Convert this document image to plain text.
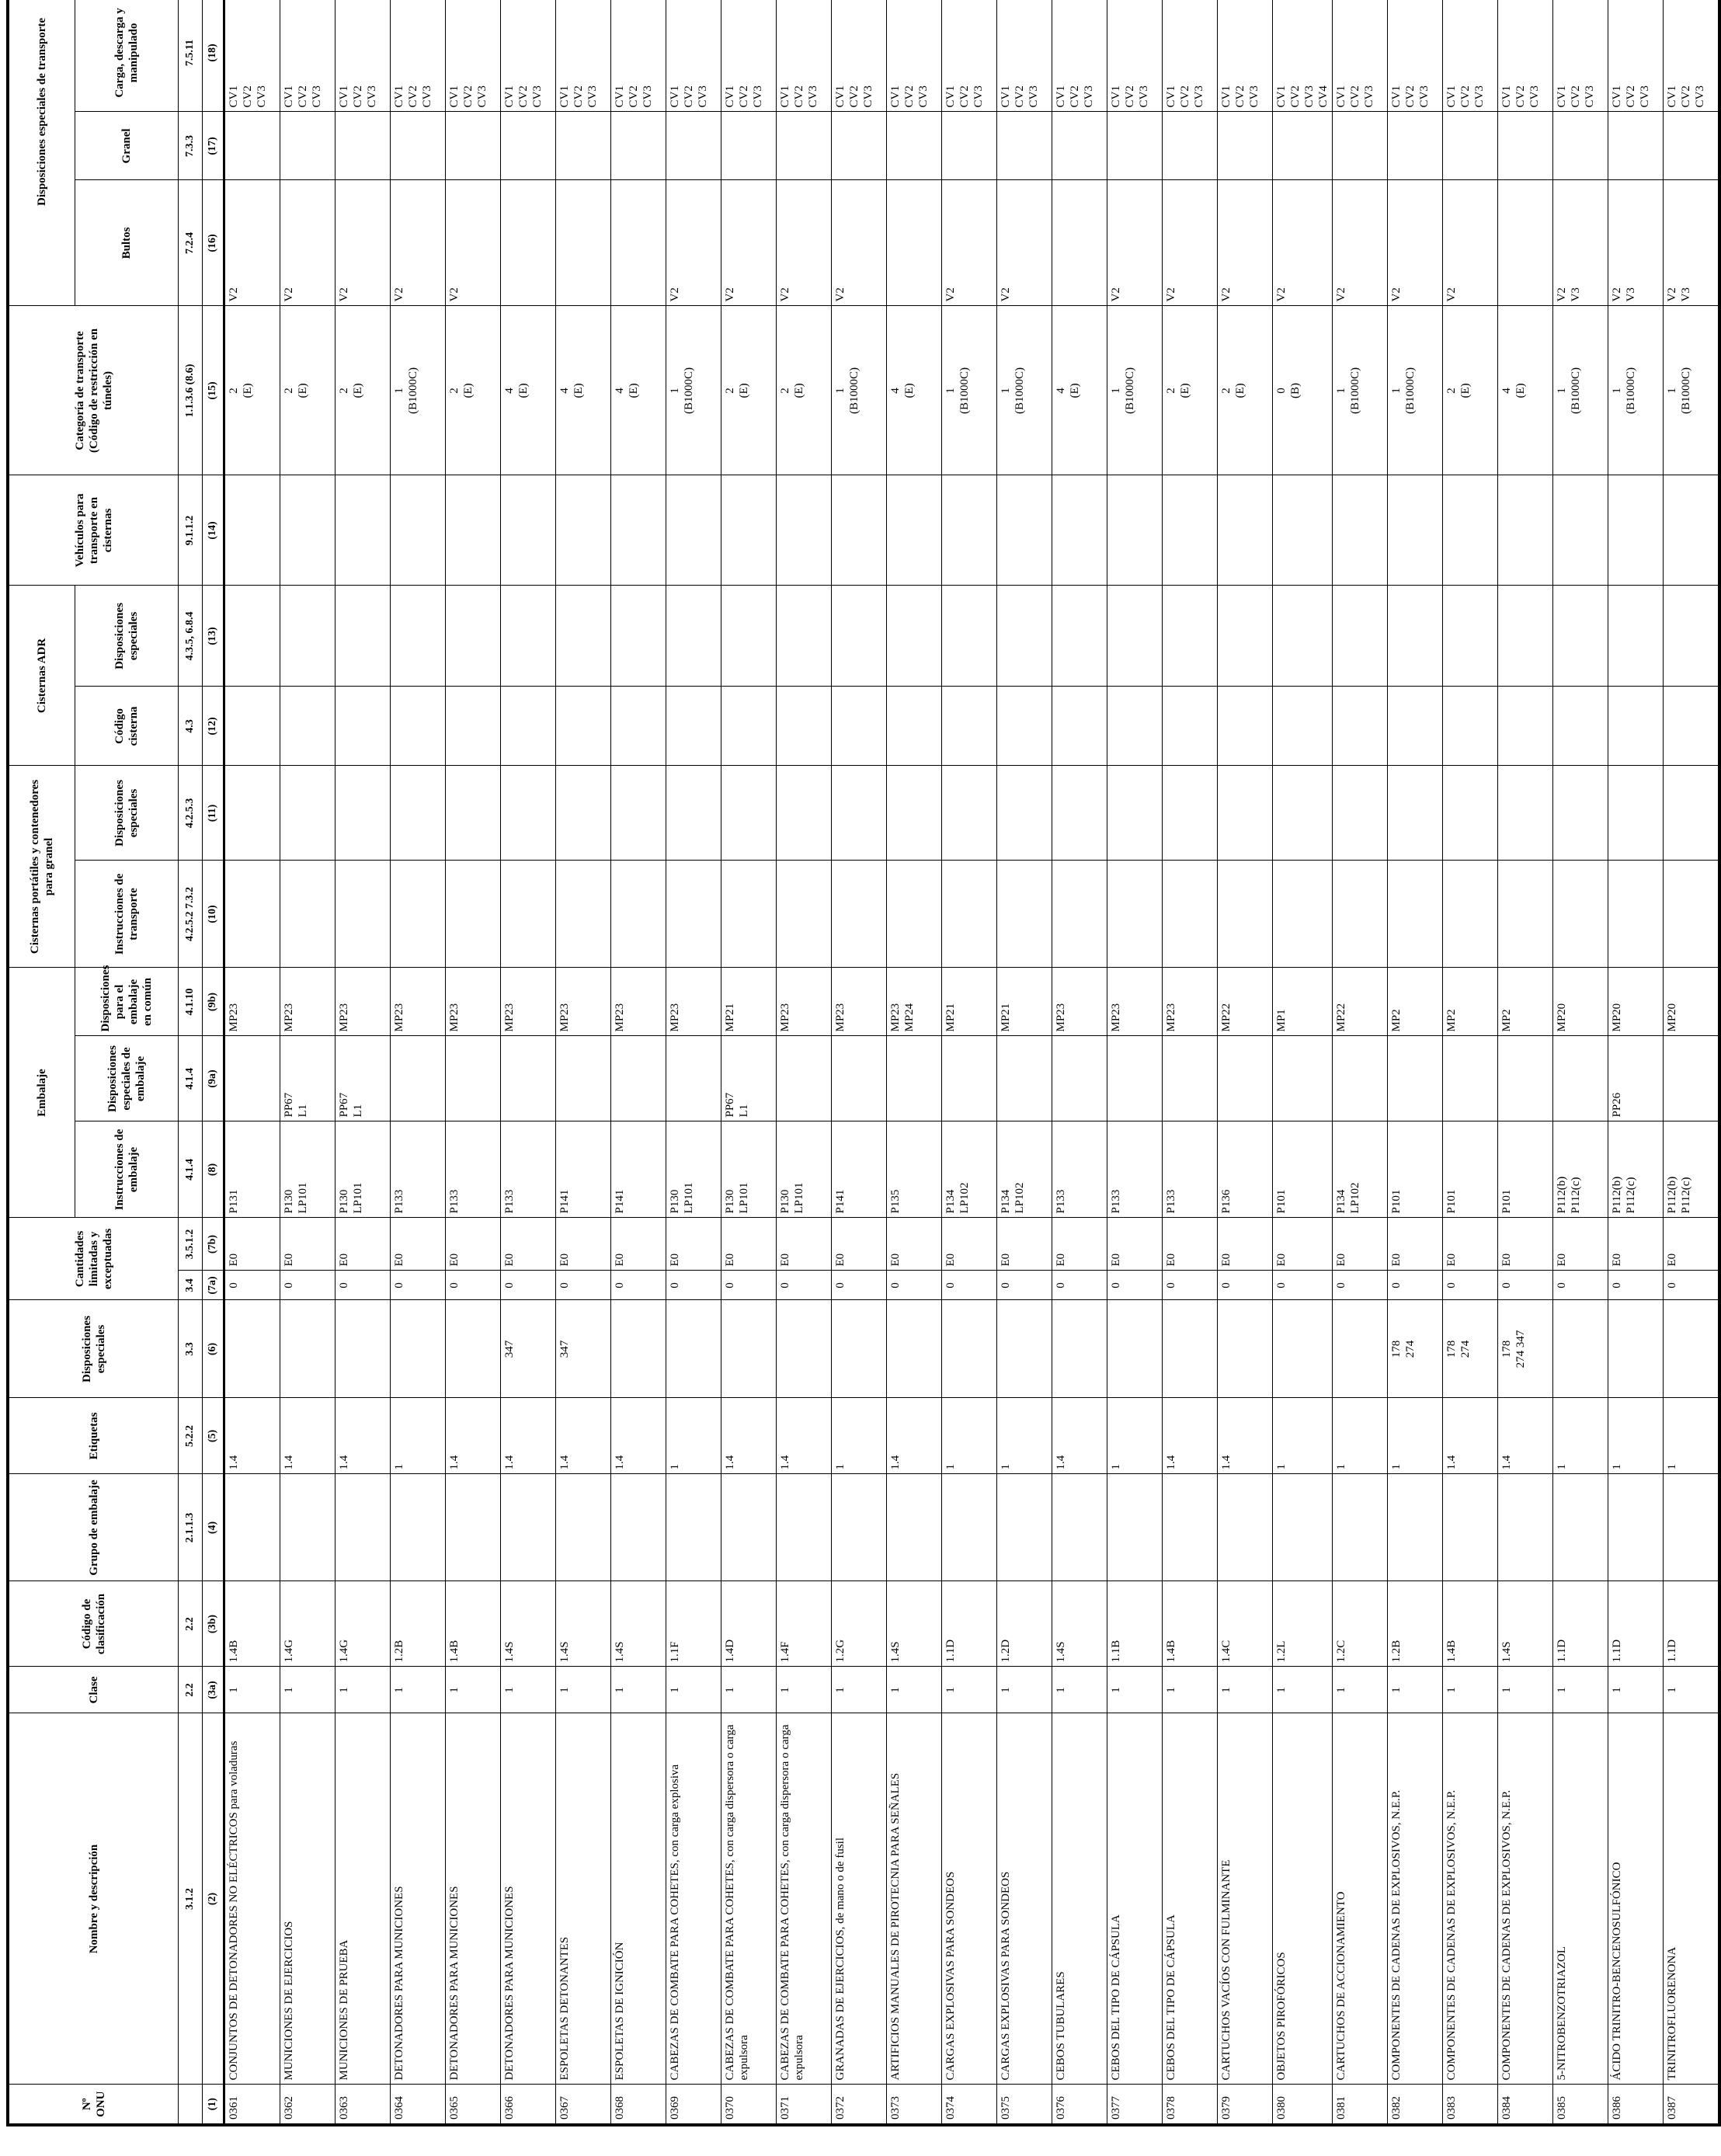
Nº ONU	Nombre y descripción	Clase	Código de clasificación	Grupo de embalaje	Etiquetas	Disposiciones especiales	Cantidades limitadas y exceptuadas		Embalaje			Cisternas portátiles y contenedores para granel		Cisternas ADR		Vehículos para transporte en cisternas	Categoría de transporte (Código de restricción en túneles)	Disposiciones especiales de transporte	
									Instrucciones de embalaje	Disposiciones especiales de embalaje	Disposiciones para el embalaje en común	Instrucciones de transporte	Disposiciones especiales	Código cisterna	Disposiciones especiales			Bultos	Granel	Carga, descarga y manipulado	
	3.1.2	2.2	2.2	2.1.1.3	5.2.2	3.3	3.4	3.5.1.2	4.1.4	4.1.4	4.1.10	4.2.5.2 7.3.2	4.2.5.3	4.3	4.3.5, 6.8.4	9.1.1.2	1.1.3.6 (8.6)	7.2.4	7.3.3	7.5.11		
(1)	(2)	(3a)	(3b)	(4)	(5)	(6)	(7a)	(7b)	(8)	(9a)	(9b)	(10)	(11)	(12)	(13)	(14)	(15)	(16)	(17)	(18)		

0361	CONJUNTOS DE DETONADORES NO ELÉCTRICOS para voladuras	1	1.4B		1.4		0	E0	P131		MP23						2 (E)	V2		CV1 CV2 CV3

0362	MUNICIONES DE EJERCICIOS	1	1.4G		1.4		0	E0	P130 LP101	PP67 L1	MP23						2 (E)	V2		CV1 CV2 CV3

0363	MUNICIONES DE PRUEBA	1	1.4G		1.4		0	E0	P130 LP101	PP67 L1	MP23						2 (E)	V2		CV1 CV2 CV3

0364	DETONADORES PARA MUNICIONES	1	1.2B		1		0	E0	P133		MP23						1 (B1000C)	V2		CV1 CV2 CV3

0365	DETONADORES PARA MUNICIONES	1	1.4B		1.4		0	E0	P133		MP23						2 (E)	V2		CV1 CV2 CV3

0366	DETONADORES PARA MUNICIONES	1	1.4S		1.4	347	0	E0	P133		MP23						4 (E)			CV1 CV2 CV3

0367	ESPOLETAS DETONANTES	1	1.4S		1.4	347	0	E0	P141		MP23						4 (E)			CV1 CV2 CV3

0368	ESPOLETAS DE IGNICIÓN	1	1.4S		1.4		0	E0	P141		MP23						4 (E)			CV1 CV2 CV3

0369	CABEZAS DE COMBATE PARA COHETES, con carga explosiva	1	1.1F		1		0	E0	P130 LP101		MP23						1 (B1000C)	V2		CV1 CV2 CV3

0370	CABEZAS DE COMBATE PARA COHETES, con carga dispersora o carga expulsora	1	1.4D		1.4		0	E0	P130 LP101	PP67 L1	MP21						2 (E)	V2		CV1 CV2 CV3

0371	CABEZAS DE COMBATE PARA COHETES, con carga dispersora o carga expulsora	1	1.4F		1.4		0	E0	P130 LP101		MP23						2 (E)	V2		CV1 CV2 CV3

0372	GRANADAS DE EJERCICIOS, de mano o de fusil	1	1.2G		1		0	E0	P141		MP23						1 (B1000C)	V2		CV1 CV2 CV3

0373	ARTIFICIOS MANUALES DE PIROTECNIA PARA SEÑALES	1	1.4S		1.4		0	E0	P135		MP23 MP24						4 (E)			CV1 CV2 CV3

0374	CARGAS EXPLOSIVAS PARA SONDEOS	1	1.1D		1		0	E0	P134 LP102		MP21						1 (B1000C)	V2		CV1 CV2 CV3

0375	CARGAS EXPLOSIVAS PARA SONDEOS	1	1.2D		1		0	E0	P134 LP102		MP21						1 (B1000C)	V2		CV1 CV2 CV3

0376	CEBOS TUBULARES	1	1.4S		1.4		0	E0	P133		MP23						4 (E)			CV1 CV2 CV3

0377	CEBOS DEL TIPO DE CÁPSULA	1	1.1B		1		0	E0	P133		MP23						1 (B1000C)	V2		CV1 CV2 CV3

0378	CEBOS DEL TIPO DE CÁPSULA	1	1.4B		1.4		0	E0	P133		MP23						2 (E)	V2		CV1 CV2 CV3

0379	CARTUCHOS VACÍOS CON FULMINANTE	1	1.4C		1.4		0	E0	P136		MP22						2 (E)	V2		CV1 CV2 CV3

0380	OBJETOS PIROFÓRICOS	1	1.2L		1		0	E0	P101		MP1						0 (B)	V2		CV1 CV2 CV3 CV4

0381	CARTUCHOS DE ACCIONAMIENTO	1	1.2C		1		0	E0	P134 LP102		MP22						1 (B1000C)	V2		CV1 CV2 CV3

0382	COMPONENTES DE CADENAS DE EXPLOSIVOS, N.E.P.	1	1.2B		1	178 274	0	E0	P101		MP2						1 (B1000C)	V2		CV1 CV2 CV3

0383	COMPONENTES DE CADENAS DE EXPLOSIVOS, N.E.P.	1	1.4B		1.4	178 274	0	E0	P101		MP2						2 (E)	V2		CV1 CV2 CV3

0384	COMPONENTES DE CADENAS DE EXPLOSIVOS, N.E.P.	1	1.4S		1.4	178 274 347	0	E0	P101		MP2						4 (E)			CV1 CV2 CV3

0385	5-NITROBENZOTRIAZOL	1	1.1D		1		0	E0	P112(b) P112(c)		MP20						1 (B1000C)	V2 V3		CV1 CV2 CV3

0386	ÁCIDO TRINITRO-BENCENOSULFÓNICO	1	1.1D		1		0	E0	P112(b) P112(c)	PP26	MP20						1 (B1000C)	V2 V3		CV1 CV2 CV3

0387	TRINITROFLUORENONA	1	1.1D		1		0	E0	P112(b) P112(c)		MP20						1 (B1000C)	V2 V3		CV1 CV2 CV3
